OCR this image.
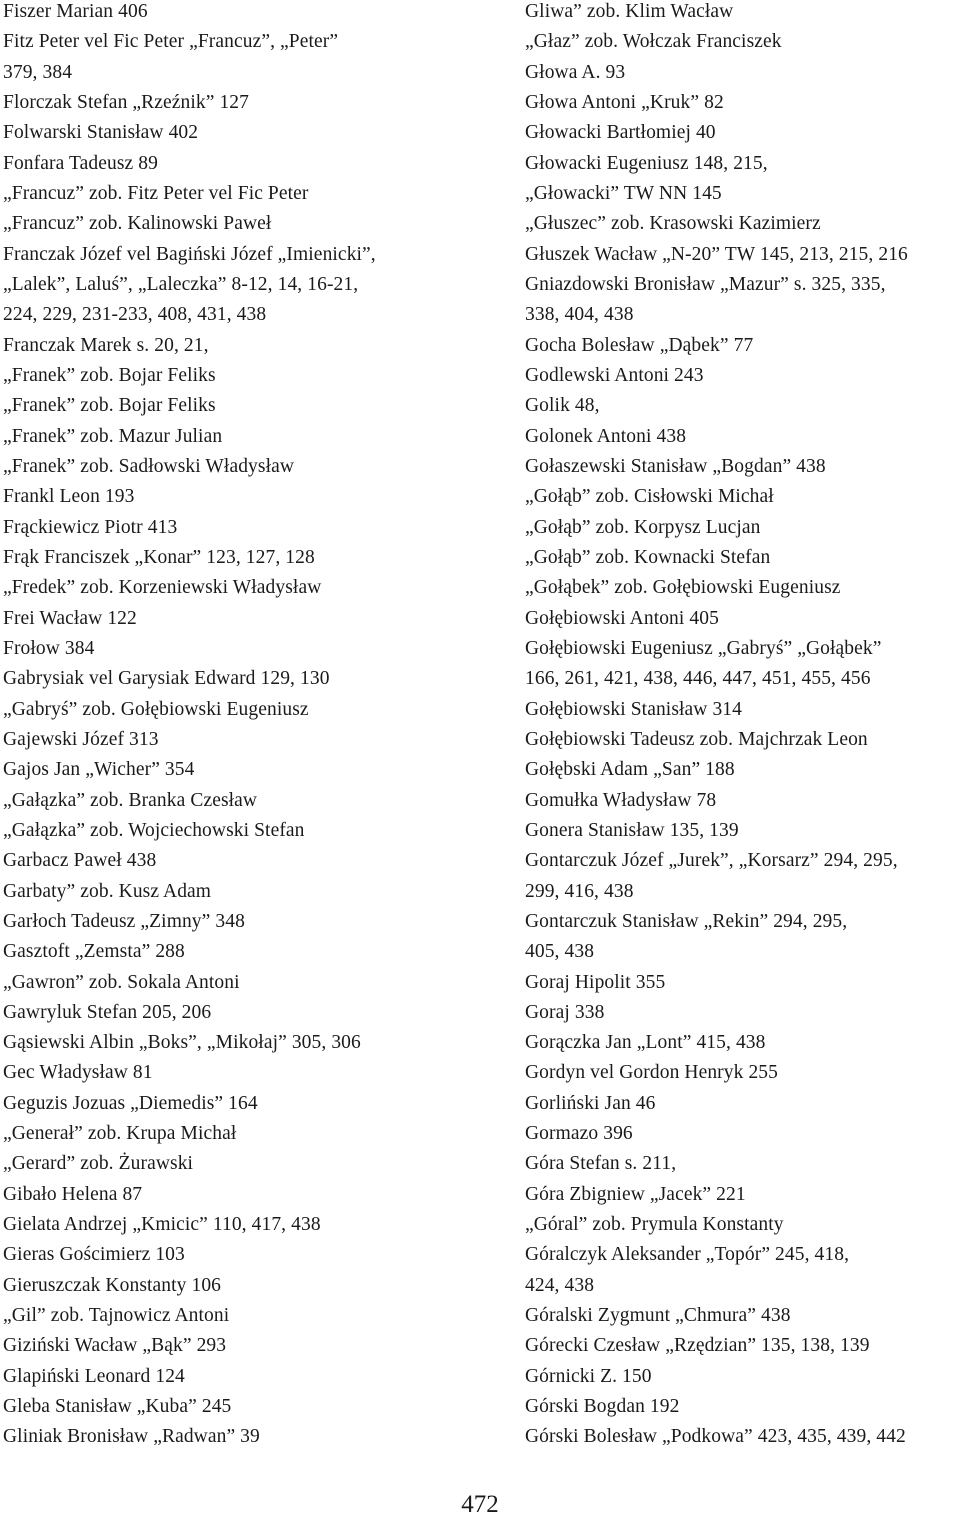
Fiszer Marian 406
Fitz Peter vel Fic Peter „Francuz”, „Peter”
379, 384
Florczak Stefan „Rzeźnik” 127
Folwarski Stanisław 402
Fonfara Tadeusz 89
„Francuz” zob. Fitz Peter vel Fic Peter
„Francuz” zob. Kalinowski Paweł
Franczak Józef vel Bagiński Józef „Imienicki”,
„Lalek”, Laluś”, „Laleczka” 8-12, 14, 16-21,
224, 229, 231-233, 408, 431, 438
Franczak Marek s. 20, 21,
„Franek” zob. Bojar Feliks
„Franek” zob. Bojar Feliks
„Franek” zob. Mazur Julian
„Franek” zob. Sadłowski Władysław
Frankl Leon 193
Frąckiewicz Piotr 413
Frąk Franciszek „Konar” 123, 127, 128
„Fredek” zob. Korzeniewski Władysław
Frei Wacław 122
Frołow 384
Gabrysiak vel Garysiak Edward 129, 130
„Gabryś” zob. Gołębiowski Eugeniusz
Gajewski Józef 313
Gajos Jan „Wicher” 354
„Gałązka” zob. Branka Czesław
„Gałązka” zob. Wojciechowski Stefan
Garbacz Paweł 438
Garbaty” zob. Kusz Adam
Garłoch Tadeusz „Zimny” 348
Gasztoft „Zemsta” 288
„Gawron” zob. Sokala Antoni
Gawryluk Stefan 205, 206
Gąsiewski Albin „Boks”, „Mikołaj” 305, 306
Gec Władysław 81
Geguzis Jozuas „Diemedis” 164
„Generał” zob. Krupa Michał
„Gerard” zob. Żurawski
Gibało Helena 87
Gielata Andrzej „Kmicic” 110, 417, 438
Gieras Gościmierz 103
Gieruszczak Konstanty 106
„Gil” zob. Tajnowicz Antoni
Giziński Wacław „Bąk” 293
Glapiński Leonard 124
Gleba Stanisław „Kuba” 245
Gliniak Bronisław „Radwan” 39
Gliwa” zob. Klim Wacław
„Głaz” zob. Wołczak Franciszek
Głowa A. 93
Głowa Antoni „Kruk” 82
Głowacki Bartłomiej 40
Głowacki Eugeniusz 148, 215,
„Głowacki” TW NN 145
„Głuszec” zob. Krasowski Kazimierz
Głuszek Wacław „N-20” TW 145, 213, 215, 216
Gniazdowski Bronisław „Mazur” s. 325, 335,
338, 404, 438
Gocha Bolesław „Dąbek” 77
Godlewski Antoni 243
Golik 48,
Golonek Antoni 438
Gołaszewski Stanisław „Bogdan” 438
„Gołąb” zob. Cisłowski Michał
„Gołąb” zob. Korpysz Lucjan
„Gołąb” zob. Kownacki Stefan
„Gołąbek” zob. Gołębiowski Eugeniusz
Gołębiowski Antoni 405
Gołębiowski Eugeniusz „Gabryś” „Gołąbek”
166, 261, 421, 438, 446, 447, 451, 455, 456
Gołębiowski Stanisław 314
Gołębiowski Tadeusz zob. Majchrzak Leon
Gołębski Adam „San” 188
Gomułka Władysław 78
Gonera Stanisław 135, 139
Gontarczuk Józef „Jurek”, „Korsarz” 294, 295,
299, 416, 438
Gontarczuk Stanisław „Rekin” 294, 295,
405, 438
Goraj Hipolit 355
Goraj 338
Gorączka Jan „Lont” 415, 438
Gordyn vel Gordon Henryk 255
Gorliński Jan 46
Gormazo 396
Góra Stefan s. 211,
Góra Zbigniew „Jacek” 221
„Góral” zob. Prymula Konstanty
Góralczyk Aleksander „Topór” 245, 418,
424, 438
Góralski Zygmunt „Chmura” 438
Górecki Czesław „Rzędzian” 135, 138, 139
Górnicki Z. 150
Górski Bogdan 192
Górski Bolesław „Podkowa” 423, 435, 439, 442
472
